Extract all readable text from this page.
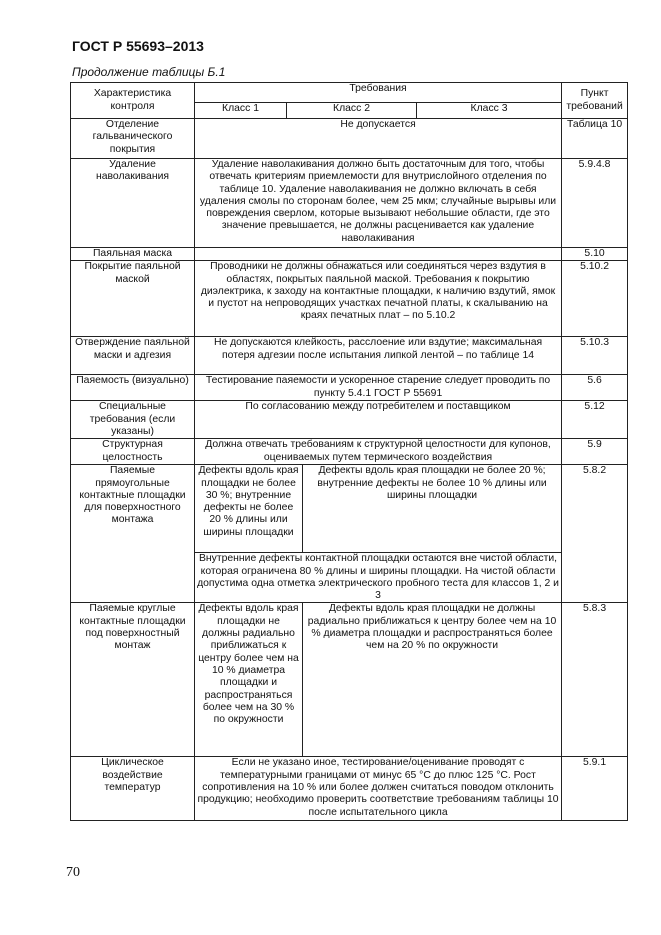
ГОСТ Р 55693–2013
Продолжение таблицы Б.1
Характеристика контроля	Требования				Пункт требований
	Класс 1	Класс 2		Класс 3	
Отделение гальванического покрытия	Не допускается				Таблица 10
Удаление наволакивания	Удаление наволакивания должно быть достаточным для того, чтобы отвечать критериям приемлемости для внутрислойного отделения по таблице 10. Удаление наволакивания не должно включать в себя удаления смолы по сторонам более, чем 25 мкм; случайные вырывы или повреждения сверлом, которые вызывают небольшие области, где это значение превышается, не должны расценивается как удаление наволакивания				5.9.4.8
Паяльная маска					5.10
Покрытие паяльной маской	Проводники не должны обнажаться или соединяться через вздутия в областях, покрытых паяльной маской. Требования к покрытию диэлектрика, к заходу на контактные площадки, к наличию вздутий, ямок и пустот на непроводящих участках печатной платы, к скалыванию на краях печатных плат – по 5.10.2				5.10.2
Отверждение паяльной маски и адгезия	Не допускаются клейкость, расслоение или вздутие; максимальная потеря адгезии после испытания липкой лентой – по таблице 14				5.10.3
Паяемость (визуально)	Тестирование паяемости и ускоренное старение следует проводить по пункту 5.4.1 ГОСТ Р 55691				5.6
Специальные требования (если указаны)	По согласованию между потребителем и поставщиком				5.12
Структурная целостность	Должна отвечать требованиям к структурной целостности для купонов, оцениваемых путем термического воздействия				5.9
Паяемые прямоугольные контактные площадки для поверхностного монтажа	Дефекты вдоль края площадки не более 30 %; внутренние дефекты не более 20 % длины или ширины площадки		Дефекты вдоль края площадки не более 20 %; внутренние дефекты не более 10 % длины или ширины площадки		5.8.2
	Внутренние дефекты контактной площадки остаются вне чистой области, которая ограничена 80 % длины и ширины площадки. На чистой области допустима одна отметка электрического пробного теста для классов 1, 2 и 3				
Паяемые круглые контактные площадки под поверхностный монтаж	Дефекты вдоль края площадки не должны радиально приближаться к центру более чем на 10 % диаметра площадки и распространяться более чем на 30 % по окружности		Дефекты вдоль края площадки не должны радиально приближаться к центру более чем на 10 % диаметра площадки и распространяться более чем на 20 % по окружности		5.8.3
Циклическое воздействие температур	Если не указано иное, тестирование/оценивание проводят с температурными границами от минус 65 °С до плюс 125 °С. Рост сопротивления на 10 % или более должен считаться поводом отклонить продукцию; необходимо проверить соответствие требованиям таблицы 10 после испытательного цикла				5.9.1
70
